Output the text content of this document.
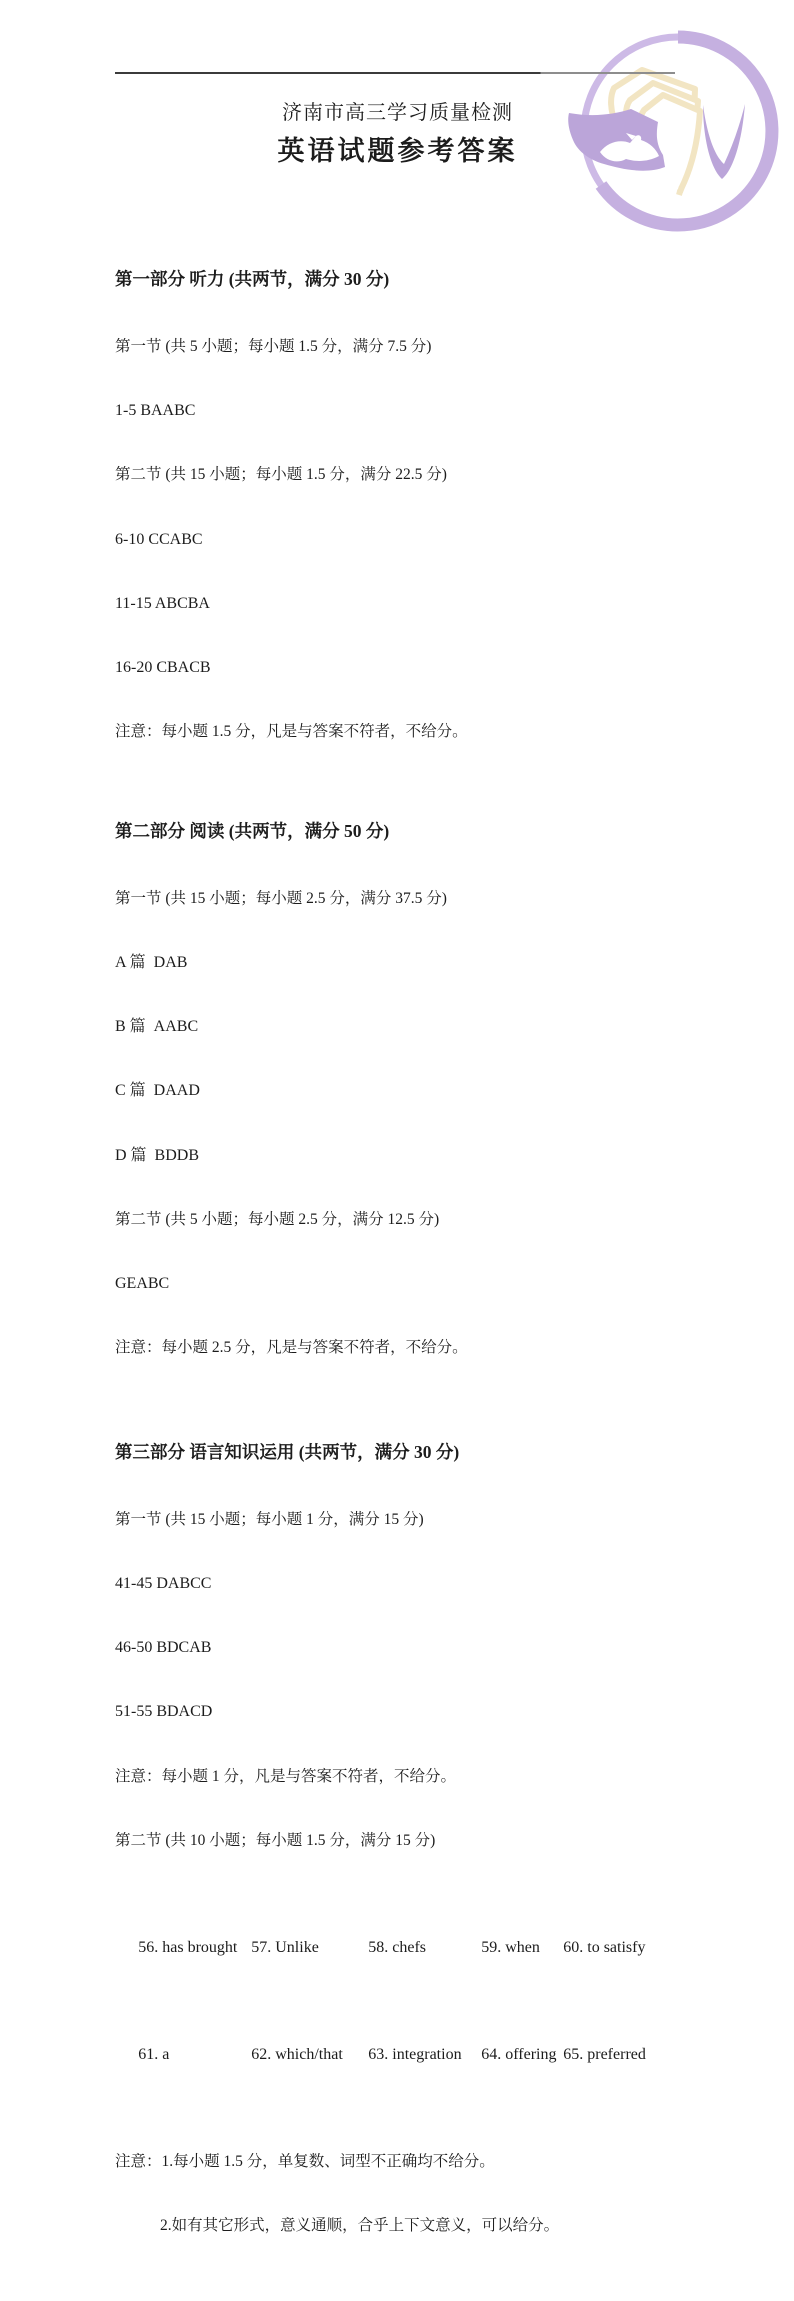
济南市高三学习质量检测
英语试题参考答案

第一部分 听力 (共两节，满分 30 分)

第一节 (共 5 小题；每小题 1.5 分，满分 7.5 分)

1-5 BAABC

第二节 (共 15 小题；每小题 1.5 分，满分 22.5 分)

6-10 CCABC

11-15 ABCBA

16-20 CBACB

注意：每小题 1.5 分，凡是与答案不符者，不给分。

第二部分 阅读 (共两节，满分 50 分)

第一节 (共 15 小题；每小题 2.5 分，满分 37.5 分)

A 篇  DAB

B 篇  AABC

C 篇  DAAD

D 篇  BDDB

第二节 (共 5 小题；每小题 2.5 分，满分 12.5 分)

GEABC

注意：每小题 2.5 分，凡是与答案不符者，不给分。

第三部分 语言知识运用 (共两节，满分 30 分)

第一节 (共 15 小题；每小题 1 分，满分 15 分)

41-45 DABCC

46-50 BDCAB

51-55 BDACD

注意：每小题 1 分，凡是与答案不符者，不给分。

第二节 (共 10 小题；每小题 1.5 分，满分 15 分)

56. has brought 57. Unlike	58. chefs	59. when 60. to satisfy

61. a	62. which/that 63. integration 64. offering 65. preferred

注意： 1.每小题 1.5 分，单复数、词型不正确均不给分。

2.如有其它形式，意义通顺，合乎上下文意义，可以给分。
